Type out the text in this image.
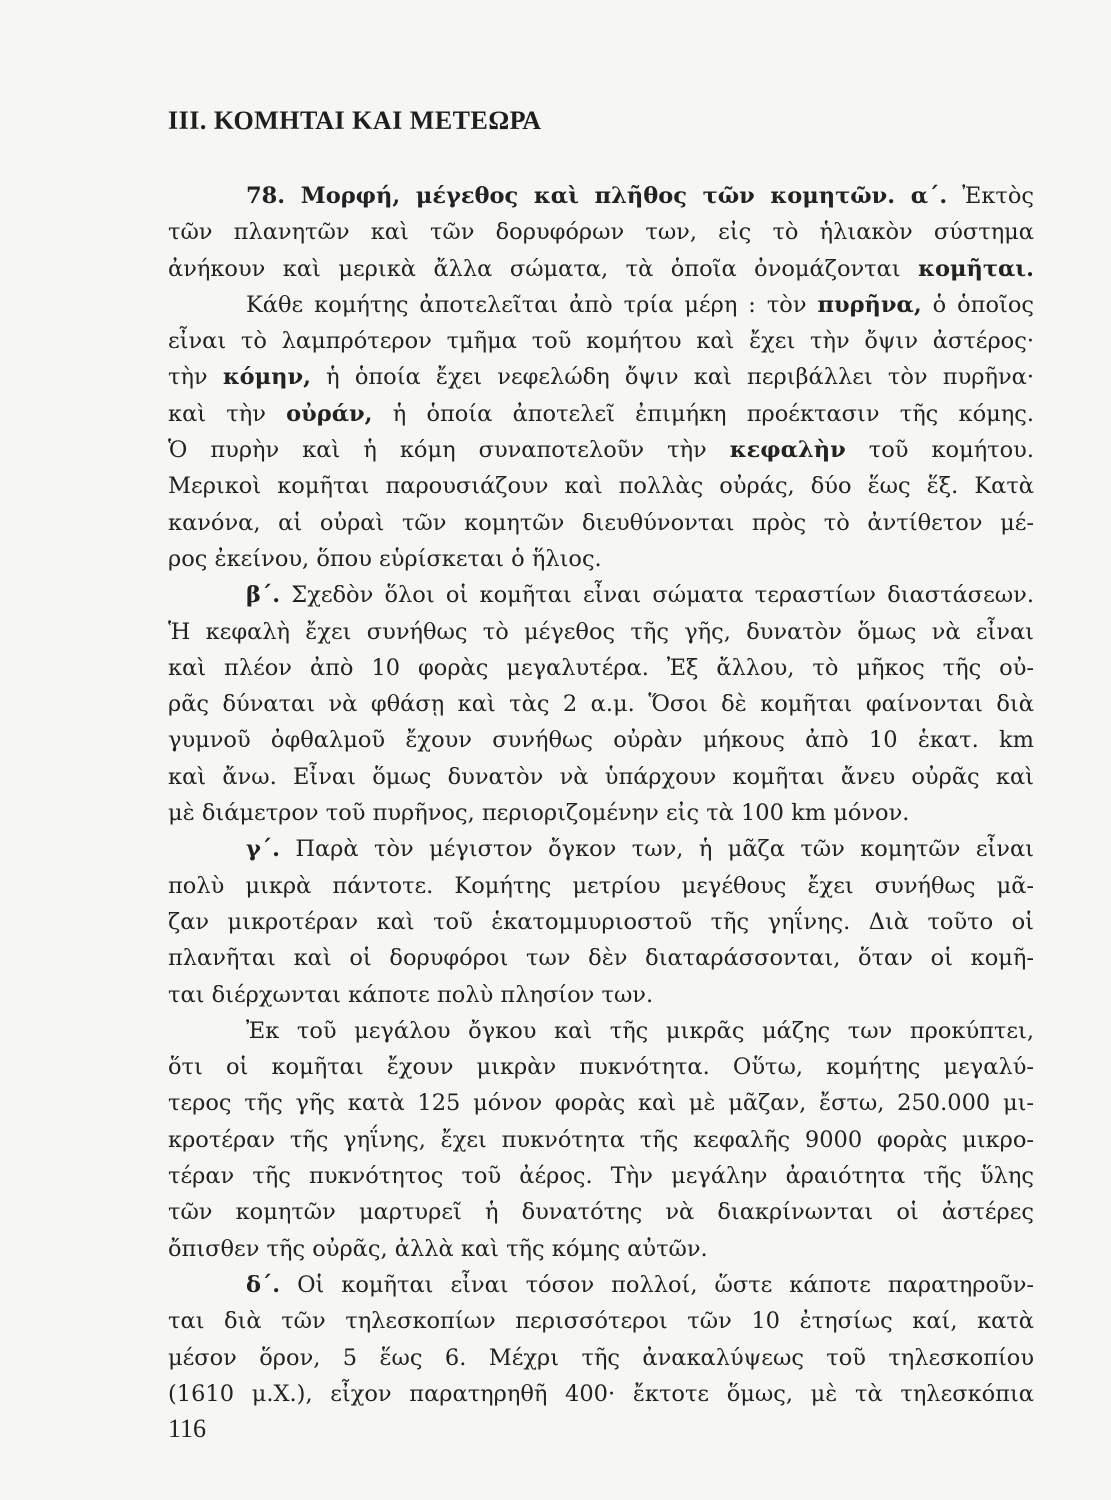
ΙΙΙ. ΚΟΜΗΤΑΙ ΚΑΙ ΜΕΤΕΩΡΑ
78. Μορφή, μέγεθος καὶ πλῆθος τῶν κομητῶν. α΄. Ἐκτὸς
τῶν πλανητῶν καὶ τῶν δορυφόρων των, εἰς τὸ ἡλιακὸν σύστημα
ἀνήκουν καὶ μερικὰ ἄλλα σώματα, τὰ ὁποῖα ὀνομάζονται κομῆται.
Κάθε κομήτης ἀποτελεῖται ἀπὸ τρία μέρη : τὸν πυρῆνα, ὁ ὁποῖος
εἶναι τὸ λαμπρότερον τμῆμα τοῦ κομήτου καὶ ἔχει τὴν ὄψιν ἀστέρος·
τὴν κόμην, ἡ ὁποία ἔχει νεφελώδη ὄψιν καὶ περιβάλλει τὸν πυρῆνα·
καὶ τὴν οὐράν, ἡ ὁποία ἀποτελεῖ ἐπιμήκη προέκτασιν τῆς κόμης.
Ὁ πυρὴν καὶ ἡ κόμη συναποτελοῦν τὴν κεφαλὴν τοῦ κομήτου.
Μερικοὶ κομῆται παρουσιάζουν καὶ πολλὰς οὐράς, δύο ἕως ἕξ. Κατὰ
κανόνα, αἱ οὐραὶ τῶν κομητῶν διευθύνονται πρὸς τὸ ἀντίθετον μέ-
ρος ἐκείνου, ὅπου εὑρίσκεται ὁ ἥλιος.
β΄. Σχεδὸν ὅλοι οἱ κομῆται εἶναι σώματα τεραστίων διαστάσεων.
Ἡ κεφαλὴ ἔχει συνήθως τὸ μέγεθος τῆς γῆς, δυνατὸν ὅμως νὰ εἶναι
καὶ πλέον ἀπὸ 10 φορὰς μεγαλυτέρα. Ἐξ ἄλλου, τὸ μῆκος τῆς οὐ-
ρᾶς δύναται νὰ φθάσῃ καὶ τὰς 2 α.μ. Ὅσοι δὲ κομῆται φαίνονται διὰ
γυμνοῦ ὀφθαλμοῦ ἔχουν συνήθως οὐρὰν μήκους ἀπὸ 10 ἑκατ. km
καὶ ἄνω. Εἶναι ὅμως δυνατὸν νὰ ὑπάρχουν κομῆται ἄνευ οὐρᾶς καὶ
μὲ διάμετρον τοῦ πυρῆνος, περιοριζομένην εἰς τὰ 100 km μόνον.
γ΄. Παρὰ τὸν μέγιστον ὄγκον των, ἡ μᾶζα τῶν κομητῶν εἶναι
πολὺ μικρὰ πάντοτε. Κομήτης μετρίου μεγέθους ἔχει συνήθως μᾶ-
ζαν μικροτέραν καὶ τοῦ ἑκατομμυριοστοῦ τῆς γηΐνης. Διὰ τοῦτο οἱ
πλανῆται καὶ οἱ δορυφόροι των δὲν διαταράσσονται, ὅταν οἱ κομῆ-
ται διέρχωνται κάποτε πολὺ πλησίον των.
Ἐκ τοῦ μεγάλου ὄγκου καὶ τῆς μικρᾶς μάζης των προκύπτει,
ὅτι οἱ κομῆται ἔχουν μικρὰν πυκνότητα. Οὕτω, κομήτης μεγαλύ-
τερος τῆς γῆς κατὰ 125 μόνον φορὰς καὶ μὲ μᾶζαν, ἔστω, 250.000 μι-
κροτέραν τῆς γηΐνης, ἔχει πυκνότητα τῆς κεφαλῆς 9000 φορὰς μικρο-
τέραν τῆς πυκνότητος τοῦ ἀέρος. Τὴν μεγάλην ἀραιότητα τῆς ὕλης
τῶν κομητῶν μαρτυρεῖ ἡ δυνατότης νὰ διακρίνωνται οἱ ἀστέρες
ὄπισθεν τῆς οὐρᾶς, ἀλλὰ καὶ τῆς κόμης αὐτῶν.
δ΄. Οἱ κομῆται εἶναι τόσον πολλοί, ὥστε κάποτε παρατηροῦν-
ται διὰ τῶν τηλεσκοπίων περισσότεροι τῶν 10 ἐτησίως καί, κατὰ
μέσον ὅρον, 5 ἕως 6. Μέχρι τῆς ἀνακαλύψεως τοῦ τηλεσκοπίου
(1610 μ.Χ.), εἶχον παρατηρηθῆ 400· ἔκτοτε ὅμως, μὲ τὰ τηλεσκόπια
116
